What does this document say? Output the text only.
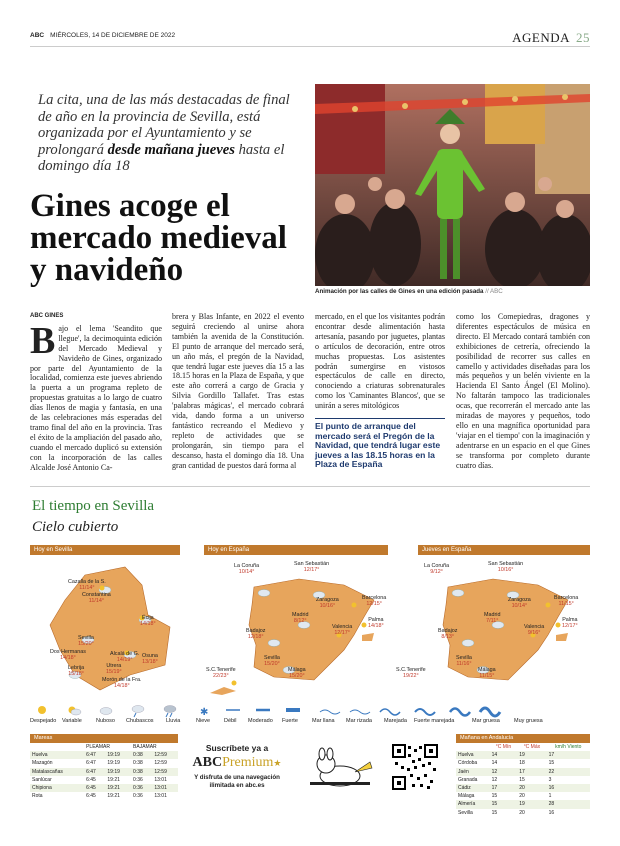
ABC MIÉRCOLES, 14 DE DICIEMBRE DE 2022	AGENDA 25
La cita, una de las más destacadas de final de año en la provincia de Sevilla, está organizada por el Ayuntamiento y se prolongará desde mañana jueves hasta el domingo día 18
Gines acoge el mercado medieval y navideño
Animación por las calles de Gines en una edición pasada // ABC
ABC GINES
B ajo el lema 'Seandito que llegue', la decimoquinta edición del Mercado Medieval y Navideño de Gines, organizado por parte del Ayuntamiento de la localidad, comienza este jueves abriendo la puerta a un programa repleto de propuestas gratuitas a lo largo de cuatro días llenos de magia y fantasía, en una de las celebraciones más esperadas del tramo final del año en la provincia. Tras el éxito de la ampliación del pasado año, cuando el mercado duplicó su extensión con la incorporación de las calles Alcalde José Antonio Ca-
brera y Blas Infante, en 2022 el evento seguirá creciendo al unirse ahora también la avenida de la Constitución. El punto de arranque del mercado será, un año más, el pregón de la Navidad, que tendrá lugar este jueves día 15 a las 18.15 horas en la Plaza de España, y que este año correrá a cargo de Gracia y Silvia Gordillo Tallafet. Tras estas 'palabras mágicas', el mercado cobrará vida, dando forma a un universo fantástico recreando el Medievo y repleto de actividades que se prolongarán, sin tiempo para el descanso, hasta el domingo día 18. Una gran cantidad de puestos dará forma al
mercado, en el que los visitantes podrán encontrar desde alimentación hasta artesanía, pasando por juguetes, plantas o artículos de decoración, entre otros muchas propuestas. Los asistentes podrán sumergirse en vistosos espectáculos de calle en directo, conociendo a criaturas sobrenaturales como los 'Caminantes Blancos', que se unirán a seres mitológicos
El punto de arranque del mercado será el Pregón de la Navidad, que tendrá lugar este jueves a las 18.15 horas en la Plaza de España
como los Comepiedras, dragones y diferentes espectáculos de música en directo. El Mercado contará también con exhibiciones de cetrería, ofreciendo la posibilidad de recorrer sus calles en camello y actividades diseñadas para los más pequeños y un belén viviente en la Hacienda El Santo Ángel (El Molino). No faltarán tampoco las tradicionales ocas, que recorrerán el mercado ante las miradas de mayores y pequeños, todo ello en una magnífica oportunidad para 'viajar en el tiempo' con la imaginación y adentrarse en un espacio en el que Gines se transforma por completo durante cuatro días.
El tiempo en Sevilla
Cielo cubierto
Hoy en Sevilla
Cazalla de la S.
11/14°
Constantina
11/14°
Écija
14/18°
Sevilla
15/20°
Dos Hermanas
14/18°
Alcalá de G.
14/19°
Osuna
13/18°
Lebrija
15/18°
Utrera
15/19°
Morón de la Fra.
14/18°
Hoy en España
La Coruña
10/14°
San Sebastián
12/17°
Barcelona
12/15°
Zaragoza
10/16°
Madrid
8/12°
Valencia
12/17°
Palma
14/18°
Badajoz
12/18°
Sevilla
15/20°
Málaga
15/20°
S.C.Tenerife
22/23°
Jueves en España
La Coruña
9/12°
San Sebastián
10/16°
Barcelona
11/15°
Zaragoza
10/14°
Madrid
7/11°
Valencia
9/16°
Palma
12/17°
Badajoz
8/13°
Sevilla
11/16°
Málaga
11/15°
S.C.Tenerife
19/22°
✱
Despejado Variable	Nuboso Chubascos Lluvia	Nieve	Débil Moderado Fuerte	Mar llana Mar rizada Marejada Fuerte marejada	Mar gruesa	Muy gruesa
Mareas
	PLEAMAR		BAJAMAR	
Huelva	6:47	19:19	0:38	12:59
Mazagón	6:47	19:19	0:38	12:59
Matalascañas	6:47	19:19	0:38	12:59
Sanlúcar	6:45	19:21	0:36	13:01
Chipiona	6:45	19:21	0:36	13:01
Rota	6:45	19:21	0:36	13:01
Suscríbete ya a
ABCPremium★
Y disfruta de una navegación ilimitada en abc.es
Mañana en Andalucía
	°C Mín	°C Máx	km/h Viento
Huelva	14	19	17
Córdoba	14	18	15
Jaén	12	17	22
Granada	12	15	3
Cádiz	17	20	16
Málaga	15	20	1
Almería	15	19	28
Sevilla	15	20	16
